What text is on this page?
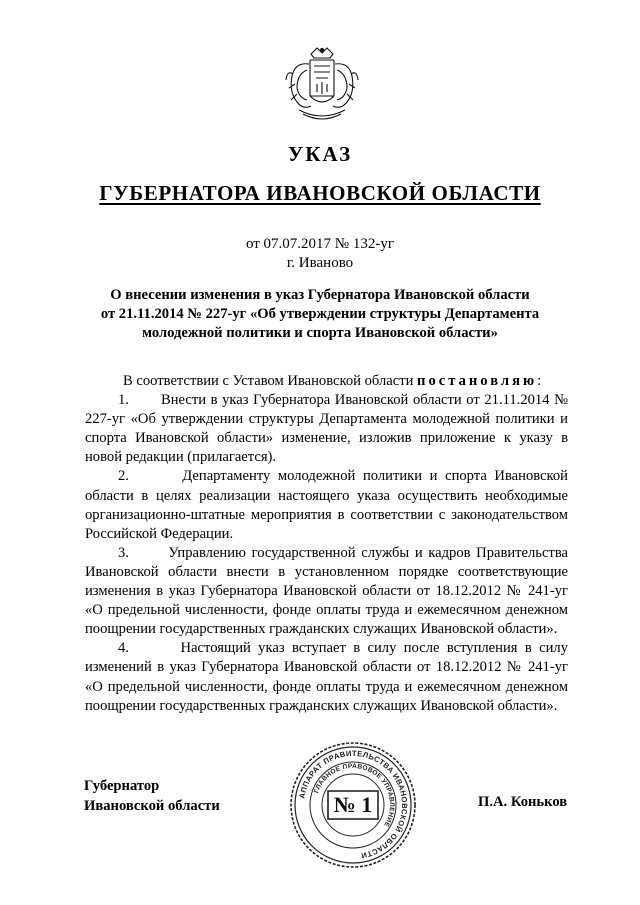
УКАЗ
ГУБЕРНАТОРА ИВАНОВСКОЙ ОБЛАСТИ
от 07.07.2017 № 132-уг
г. Иваново
О внесении изменения в указ Губернатора Ивановской области
от 21.11.2014 № 227-уг «Об утверждении структуры Департамента
молодежной политики и спорта Ивановской области»

В соответствии с Уставом Ивановской области постановляю:

1.       Внести в указ Губернатора Ивановской области от 21.11.2014 № 227-уг «Об утверждении структуры Департамента молодежной политики и спорта Ивановской области» изменение, изложив приложение к указу в новой редакции (прилагается).

2.       Департаменту молодежной политики и спорта Ивановской области в целях реализации настоящего указа осуществить необходимые организационно-штатные мероприятия в соответствии с законодательством Российской Федерации.

3.       Управлению государственной службы и кадров Правительства Ивановской области внести в установленном порядке соответствующие изменения в указ Губернатора Ивановской области от 18.12.2012 № 241-уг «О предельной численности, фонде оплаты труда и ежемесячном денежном поощрении государственных гражданских служащих Ивановской области».

4.       Настоящий указ вступает в силу после вступления в силу изменений в указ Губернатора Ивановской области от 18.12.2012 № 241-уг «О предельной численности, фонде оплаты труда и ежемесячном денежном поощрении государственных гражданских служащих Ивановской области».

Губернатор
Ивановской области	П.А. Коньков
АППАРАТ ПРАВИТЕЛЬСТВА ИВАНОВСКОЙ ОБЛАСТИ
ГЛАВНОЕ ПРАВОВОЕ УПРАВЛЕНИЕ
№ 1
